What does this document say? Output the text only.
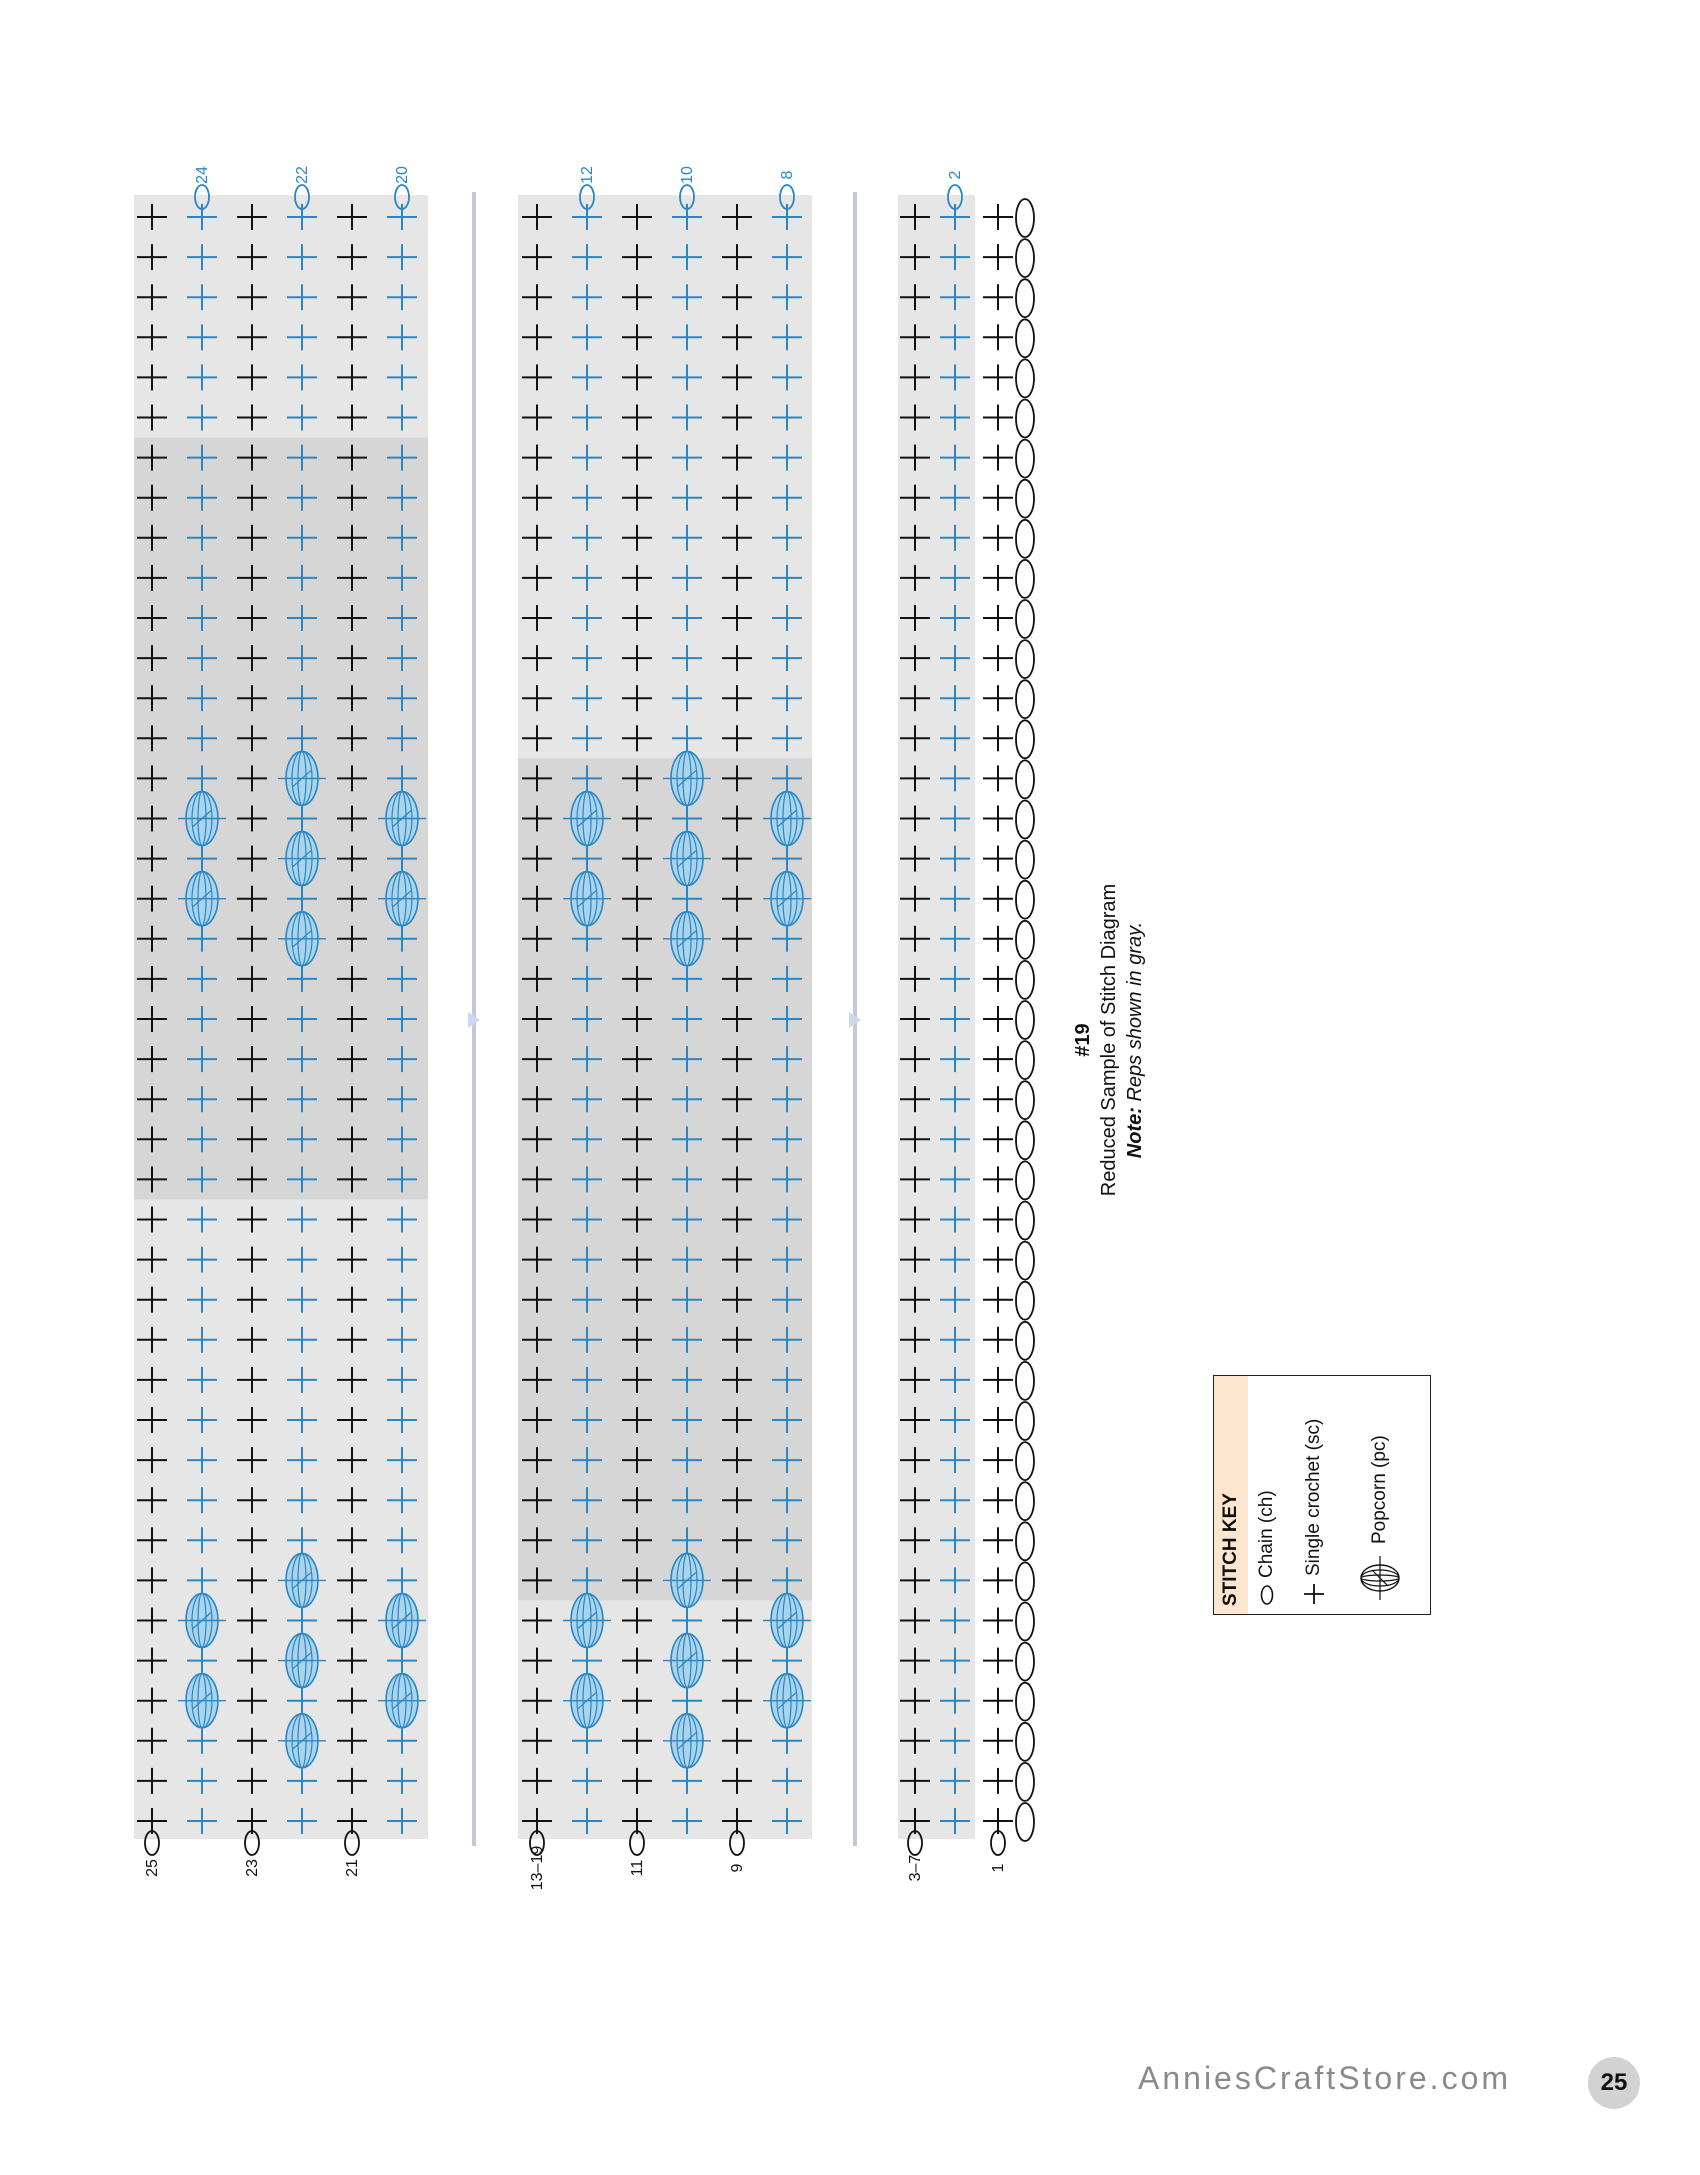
25
24
23
22
21
20
13–19
12
11
10
9
8
3–7
2
1
#19 Reduced Sample of Stitch Diagram Note: Reps shown in gray.
STITCH KEY Chain (ch) Single crochet (sc)	Popcorn (pc)
AnniesCraftStore.com	25
